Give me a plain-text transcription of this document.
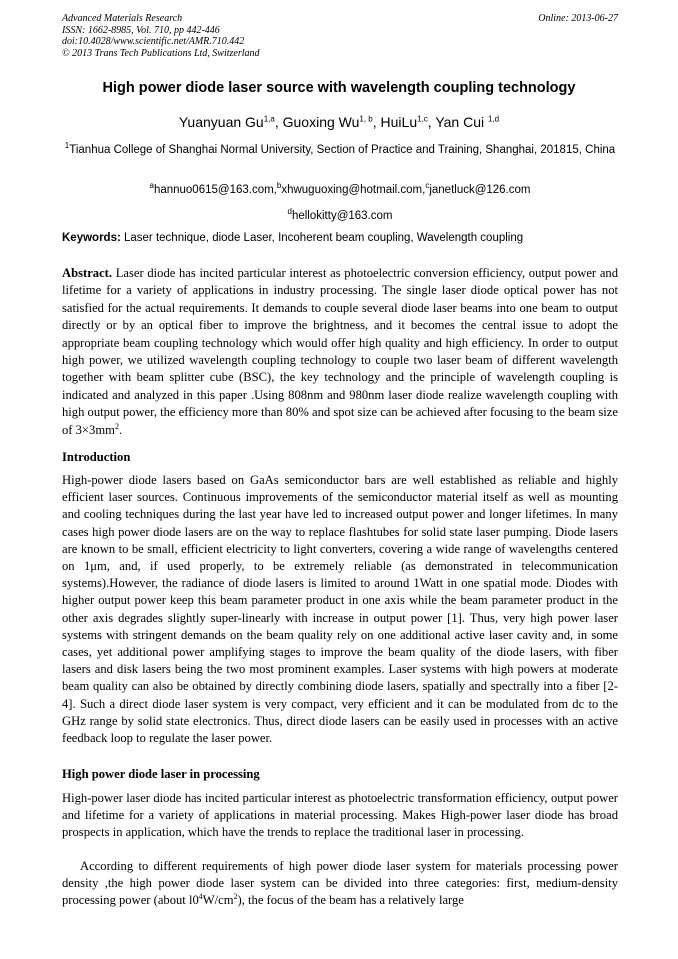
Advanced Materials Research
ISSN: 1662-8985, Vol. 710, pp 442-446
doi:10.4028/www.scientific.net/AMR.710.442
© 2013 Trans Tech Publications Ltd, Switzerland
Online: 2013-06-27
High power diode laser source with wavelength coupling technology
Yuanyuan Gu$^{1,a}$, Guoxing Wu$^{1, b}$, HuiLu$^{1,c}$, Yan Cui $^{1,d}$
$^1$Tianhua College of Shanghai Normal University, Section of Practice and Training, Shanghai, 201815, China
$^a$hannuo0615@163.com,$^b$xhwuguoxing@hotmail.com,$^c$janetluck@126.com
$^d$hellokitty@163.com
Keywords: Laser technique, diode Laser, Incoherent beam coupling, Wavelength coupling
Abstract. Laser diode has incited particular interest as photoelectric conversion efficiency, output power and lifetime for a variety of applications in industry processing. The single laser diode optical power has not satisfied for the actual requirements. It demands to couple several diode laser beams into one beam to output directly or by an optical fiber to improve the brightness, and it becomes the central issue to adopt the appropriate beam coupling technology which would offer high quality and high efficiency. In order to output high power, we utilized wavelength coupling technology to couple two laser beam of different wavelength together with beam splitter cube (BSC), the key technology and the principle of wavelength coupling is indicated and analyzed in this paper .Using 808nm and 980nm laser diode realize wavelength coupling with high output power, the efficiency more than 80% and spot size can be achieved after focusing to the beam size of $3\times 3mm^2$.
Introduction
High-power diode lasers based on GaAs semiconductor bars are well established as reliable and highly efficient laser sources. Continuous improvements of the semiconductor material itself as well as mounting and cooling techniques during the last year have led to increased output power and longer lifetimes. In many cases high power diode lasers are on the way to replace flashtubes for solid state laser pumping. Diode lasers are known to be small, efficient electricity to light converters, covering a wide range of wavelengths centered on 1μm, and, if used properly, to be extremely reliable (as demonstrated in telecommunication systems).However, the radiance of diode lasers is limited to around 1Watt in one spatial mode. Diodes with higher output power keep this beam parameter product in one axis while the beam parameter product in the other axis degrades slightly super-linearly with increase in output power [1]. Thus, very high power laser systems with stringent demands on the beam quality rely on one additional active laser cavity and, in some cases, yet additional power amplifying stages to improve the beam quality of the diode lasers, with fiber lasers and disk lasers being the two most prominent examples. Laser systems with high powers at moderate beam quality can also be obtained by directly combining diode lasers, spatially and spectrally into a fiber [2-4]. Such a direct diode laser system is very compact, very efficient and it can be modulated from dc to the GHz range by solid state electronics. Thus, direct diode lasers can be easily used in processes with an active feedback loop to regulate the laser power.
High power diode laser in processing
High-power laser diode has incited particular interest as photoelectric transformation efficiency, output power and lifetime for a variety of applications in material processing. Makes High-power laser diode has broad prospects in application, which have the trends to replace the traditional laser in processing.
According to different requirements of high power diode laser system for materials processing power density ,the high power diode laser system can be divided into three categories: first, medium-density processing power (about $l0^4W/cm^2$), the focus of the beam has a relatively large
